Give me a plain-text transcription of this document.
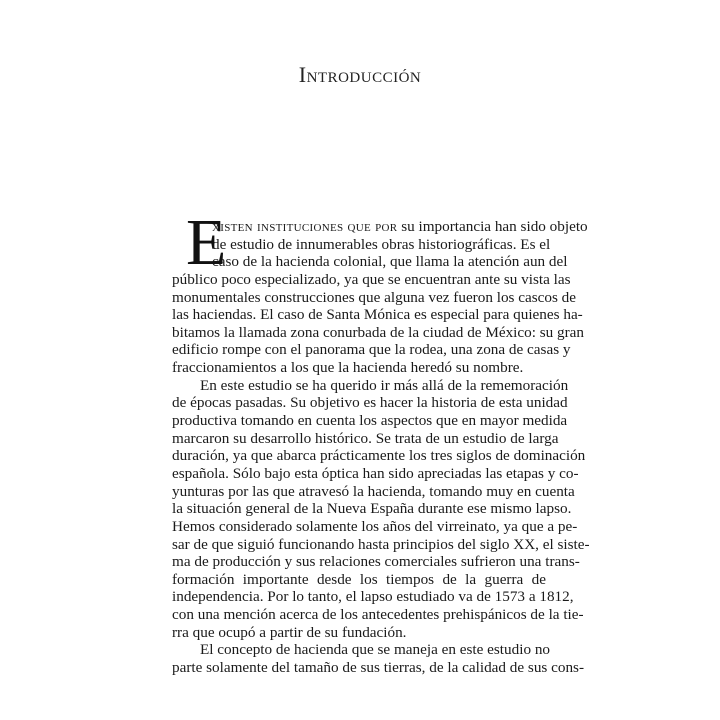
Introducción
E
xisten instituciones que por su importancia han sido objeto
de estudio de innumerables obras historiográficas. Es el
caso de la hacienda colonial, que llama la atención aun del
público poco especializado, ya que se encuentran ante su vista las
monumentales construcciones que alguna vez fueron los cascos de
las haciendas. El caso de Santa Mónica es especial para quienes ha-
bitamos la llamada zona conurbada de la ciudad de México: su gran
edificio rompe con el panorama que la rodea, una zona de casas y
fraccionamientos a los que la hacienda heredó su nombre.
En este estudio se ha querido ir más allá de la rememoración
de épocas pasadas. Su objetivo es hacer la historia de esta unidad
productiva tomando en cuenta los aspectos que en mayor medida
marcaron su desarrollo histórico. Se trata de un estudio de larga
duración, ya que abarca prácticamente los tres siglos de dominación
española. Sólo bajo esta óptica han sido apreciadas las etapas y co-
yunturas por las que atravesó la hacienda, tomando muy en cuenta
la situación general de la Nueva España durante ese mismo lapso.
Hemos considerado solamente los años del virreinato, ya que a pe-
sar de que siguió funcionando hasta principios del siglo XX, el siste-
ma de producción y sus relaciones comerciales sufrieron una trans-
formación importante desde los tiempos de la guerra de
independencia. Por lo tanto, el lapso estudiado va de 1573 a 1812,
con una mención acerca de los antecedentes prehispánicos de la tie-
rra que ocupó a partir de su fundación.
El concepto de hacienda que se maneja en este estudio no
parte solamente del tamaño de sus tierras, de la calidad de sus cons-
